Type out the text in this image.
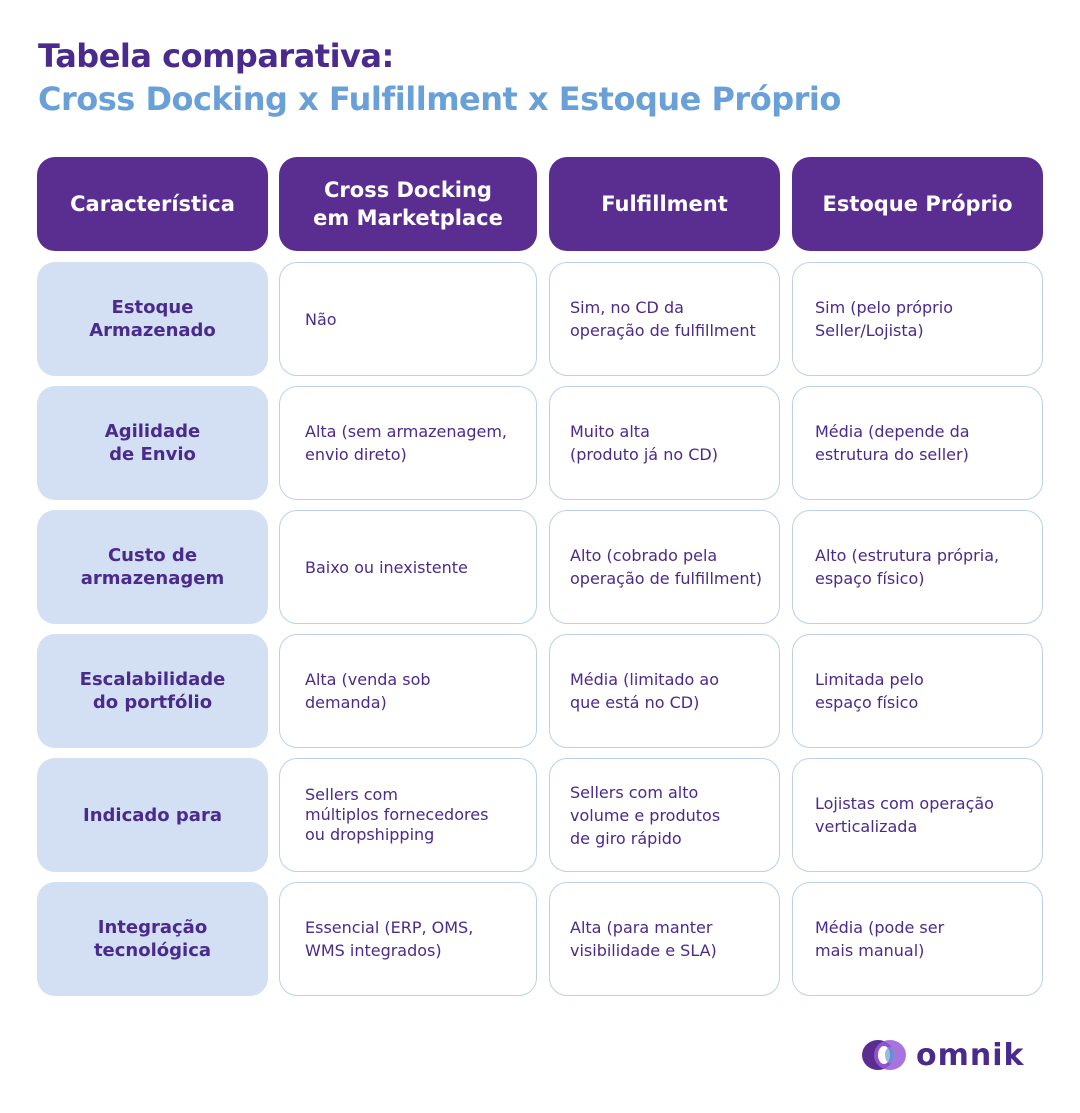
Tabela comparativa:
Cross Docking x Fulfillment x Estoque Próprio
Característica
Cross Docking
em Marketplace
Fulfillment	Estoque Próprio
Estoque
Armazenado
Não
Sim, no CD da
operação de fulfillment
Sim (pelo próprio
Seller/Lojista)
Agilidade
de Envio
Alta (sem armazenagem,
envio direto)
Muito alta
(produto já no CD)
Média (depende da
estrutura do seller)
Custo de
armazenagem
Baixo ou inexistente
Alto (cobrado pela
operação de fulfillment)
Alto (estrutura própria,
espaço físico)
Escalabilidade
do portfólio
Alta (venda sob
demanda)
Média (limitado ao
que está no CD)
Limitada pelo
espaço físico
Indicado para
Sellers com
múltiplos fornecedores
ou dropshipping
Sellers com alto
volume e produtos
de giro rápido
Lojistas com operação
verticalizada
Integração
tecnológica
Essencial (ERP, OMS,
WMS integrados)
Alta (para manter
visibilidade e SLA)
Média (pode ser
mais manual)
omnik
